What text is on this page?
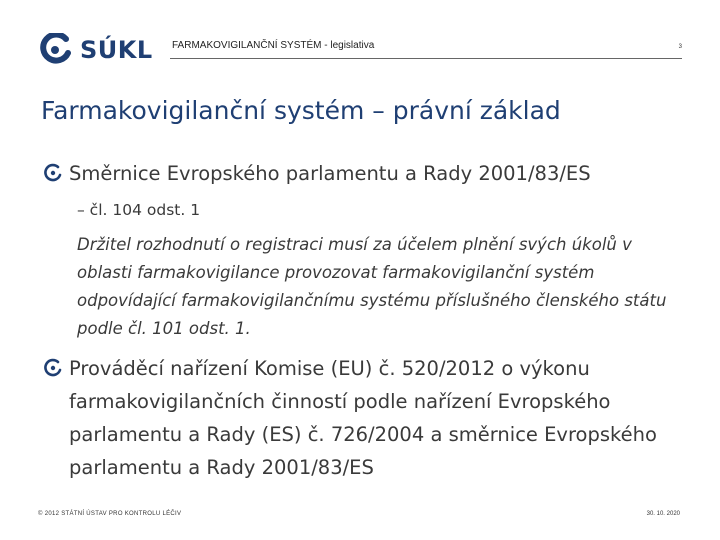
SÚKL FARMAKOVIGILANČNÍ SYSTÉM - legislativa	3
Farmakovigilanční systém – právní základ
Směrnice Evropského parlamentu a Rady 2001/83/ES
– čl. 104 odst. 1
Držitel rozhodnutí o registraci musí za účelem plnění svých úkolů v oblasti farmakovigilance provozovat farmakovigilanční systém odpovídající farmakovigilančnímu systému příslušného členského státu podle čl. 101 odst. 1.
Prováděcí nařízení Komise (EU) č. 520/2012 o výkonu farmakovigilančních činností podle nařízení Evropského parlamentu a Rady (ES) č. 726/2004 a směrnice Evropského parlamentu a Rady 2001/83/ES
© 2012 STÁTNÍ ÚSTAV PRO KONTROLU LÉČIV	30. 10. 2020
